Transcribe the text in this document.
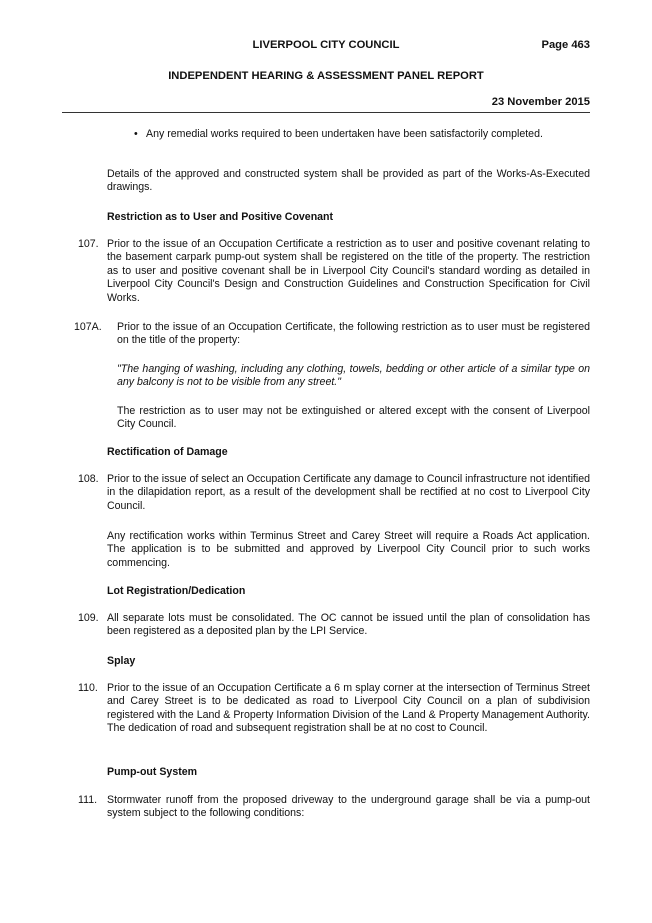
LIVERPOOL CITY COUNCIL	Page 463
INDEPENDENT HEARING & ASSESSMENT PANEL REPORT
23 November 2015
• Any remedial works required to been undertaken have been satisfactorily completed.

Details of the approved and constructed system shall be provided as part of the Works-As-Executed drawings.

Restriction as to User and Positive Covenant
107. Prior to the issue of an Occupation Certificate a restriction as to user and positive covenant relating to the basement carpark pump-out system shall be registered on the title of the property. The restriction as to user and positive covenant shall be in Liverpool City Council's standard wording as detailed in Liverpool City Council's Design and Construction Guidelines and Construction Specification for Civil Works.

107A. Prior to the issue of an Occupation Certificate, the following restriction as to user must be registered on the title of the property:

"The hanging of washing, including any clothing, towels, bedding or other article of a similar type on any balcony is not to be visible from any street."

The restriction as to user may not be extinguished or altered except with the consent of Liverpool City Council.

Rectification of Damage
108. Prior to the issue of select an Occupation Certificate any damage to Council infrastructure not identified in the dilapidation report, as a result of the development shall be rectified at no cost to Liverpool City Council.

Any rectification works within Terminus Street and Carey Street will require a Roads Act application. The application is to be submitted and approved by Liverpool City Council prior to such works commencing.

Lot Registration/Dedication
109. All separate lots must be consolidated. The OC cannot be issued until the plan of consolidation has been registered as a deposited plan by the LPI Service.

Splay
110. Prior to the issue of an Occupation Certificate a 6 m splay corner at the intersection of Terminus Street and Carey Street is to be dedicated as road to Liverpool City Council on a plan of subdivision registered with the Land & Property Information Division of the Land & Property Management Authority. The dedication of road and subsequent registration shall be at no cost to Council.

Pump-out System
111. Stormwater runoff from the proposed driveway to the underground garage shall be via a pump-out system subject to the following conditions:
